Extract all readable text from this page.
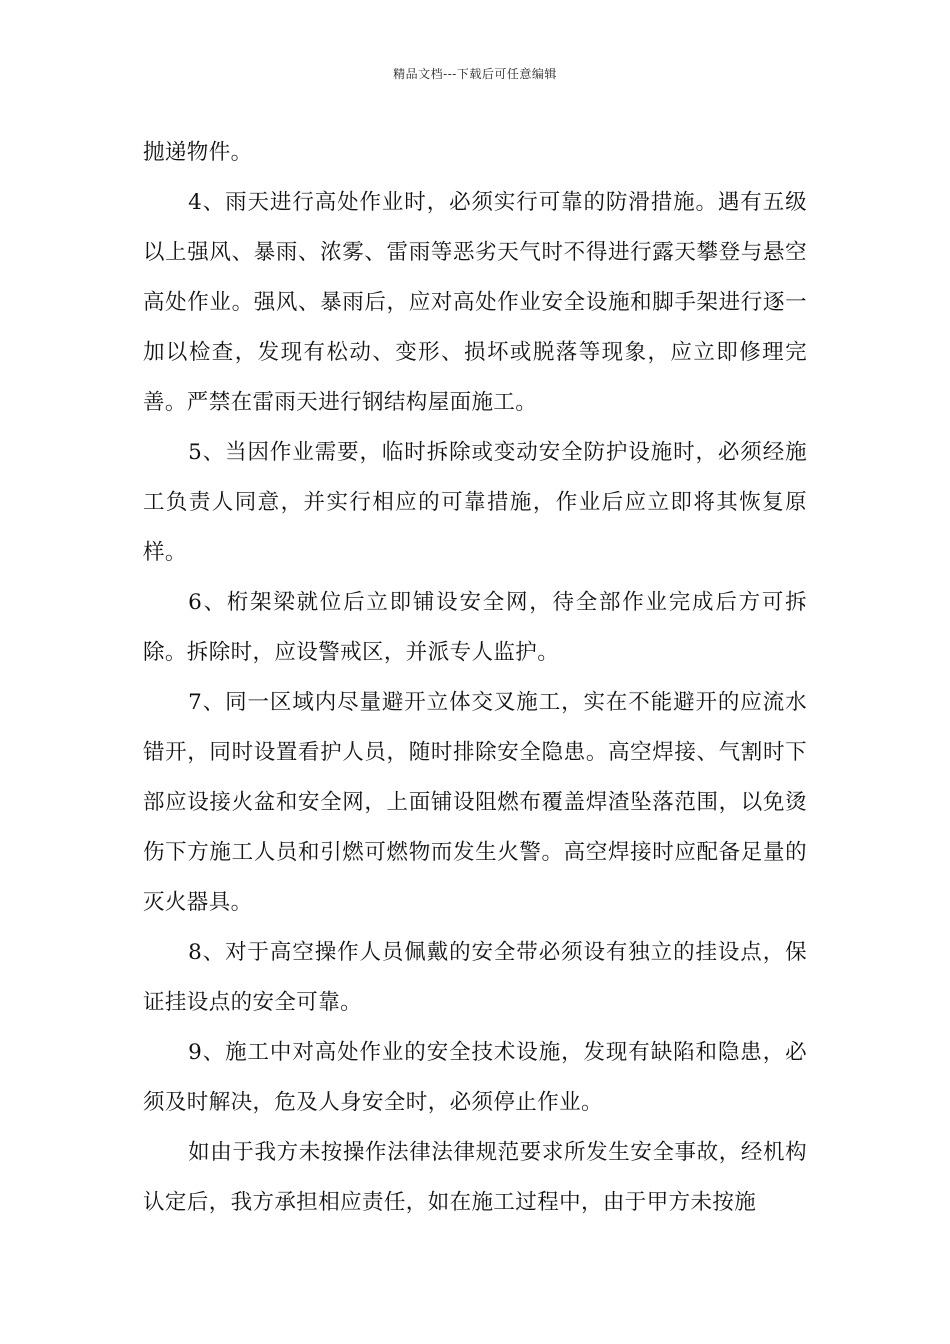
精品文档---下载后可任意编辑

抛递物件。

4、雨天进行高处作业时，必须实行可靠的防滑措施。遇有五级以上强风、暴雨、浓雾、雷雨等恶劣天气时不得进行露天攀登与悬空高处作业。强风、暴雨后，应对高处作业安全设施和脚手架进行逐一加以检查，发现有松动、变形、损坏或脱落等现象，应立即修理完善。严禁在雷雨天进行钢结构屋面施工。

5、当因作业需要，临时拆除或变动安全防护设施时，必须经施工负责人同意，并实行相应的可靠措施，作业后应立即将其恢复原样。

6、桁架梁就位后立即铺设安全网，待全部作业完成后方可拆除。拆除时，应设警戒区，并派专人监护。

7、同一区域内尽量避开立体交叉施工，实在不能避开的应流水错开，同时设置看护人员，随时排除安全隐患。高空焊接、气割时下部应设接火盆和安全网，上面铺设阻燃布覆盖焊渣坠落范围，以免烫伤下方施工人员和引燃可燃物而发生火警。高空焊接时应配备足量的灭火器具。

8、对于高空操作人员佩戴的安全带必须设有独立的挂设点，保证挂设点的安全可靠。

9、施工中对高处作业的安全技术设施，发现有缺陷和隐患，必须及时解决，危及人身安全时，必须停止作业。

如由于我方未按操作法律法律规范要求所发生安全事故，经机构认定后，我方承担相应责任，如在施工过程中，由于甲方未按施
